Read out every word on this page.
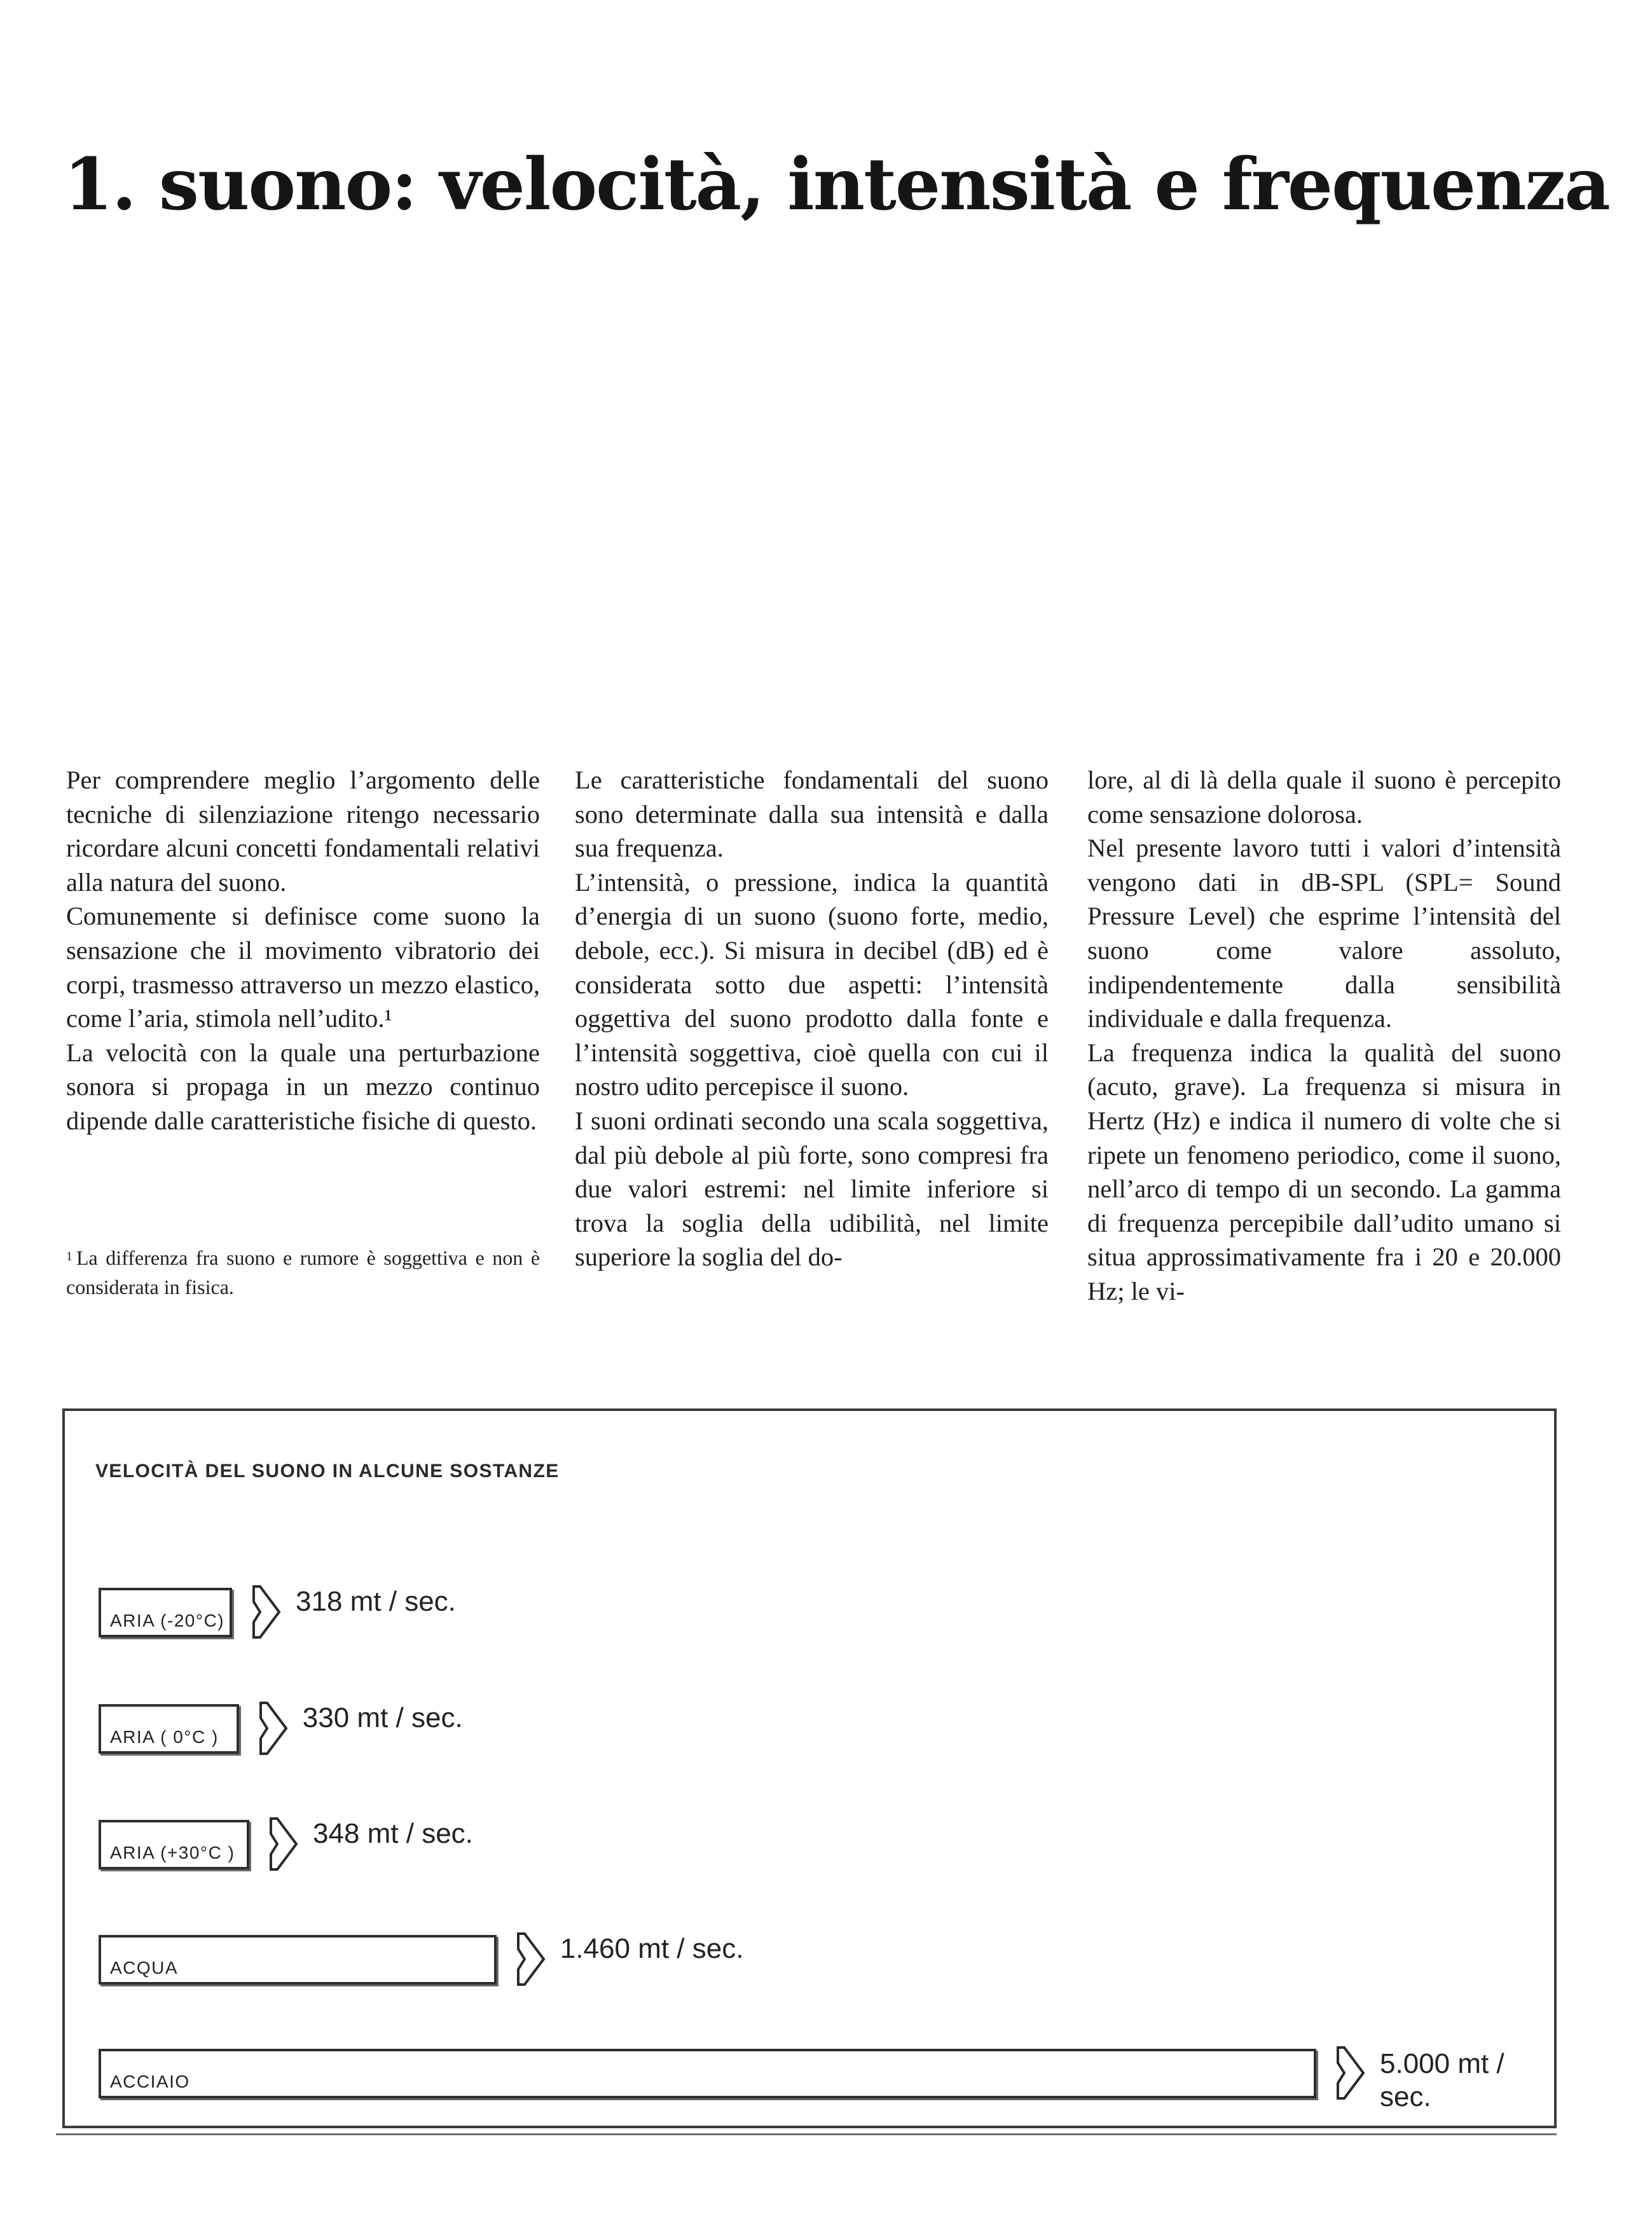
1. suono: velocità, intensità e frequenza

Per comprendere meglio l’argomento delle tecniche di silenziazione ritengo necessario ricordare alcuni concetti fondamentali relativi alla natura del suono.

Comunemente si definisce come suono la sensazione che il movimento vibratorio dei corpi, trasmesso attraverso un mezzo elastico, come l’aria, stimola nell’udito.¹

La velocità con la quale una perturbazione sonora si propaga in un mezzo continuo dipende dalle caratteristiche fisiche di questo.

$^1$ La differenza fra suono e rumore è soggettiva e non è considerata in fisica.

Le caratteristiche fondamentali del suono sono determinate dalla sua intensità e dalla sua frequenza.

L’intensità, o pressione, indica la quantità d’energia di un suono (suono forte, medio, debole, ecc.). Si misura in decibel (dB) ed è considerata sotto due aspetti: l’intensità oggettiva del suono prodotto dalla fonte e l’intensità soggettiva, cioè quella con cui il nostro udito percepisce il suono.

I suoni ordinati secondo una scala soggettiva, dal più debole al più forte, sono compresi fra due valori estremi: nel limite inferiore si trova la soglia della udibilità, nel limite superiore la soglia del do-

lore, al di là della quale il suono è percepito come sensazione dolorosa.

Nel presente lavoro tutti i valori d’intensità vengono dati in dB-SPL (SPL= Sound Pressure Level) che esprime l’intensità del suono come valore assoluto, indipendentemente dalla sensibilità individuale e dalla frequenza.

La frequenza indica la qualità del suono (acuto, grave). La frequenza si misura in Hertz (Hz) e indica il numero di volte che si ripete un fenomeno periodico, come il suono, nell’arco di tempo di un secondo. La gamma di frequenza percepibile dall’udito umano si situa approssimativamente fra i 20 e 20.000 Hz; le vi-

VELOCITÀ DEL SUONO IN ALCUNE SOSTANZE
ARIA (-20°C)
318 mt / sec.
ARIA ( 0°C )
330 mt / sec.
ARIA (+30°C )
348 mt / sec.
ACQUA
1.460 mt / sec.
ACCIAIO
5.000 mt / sec.
